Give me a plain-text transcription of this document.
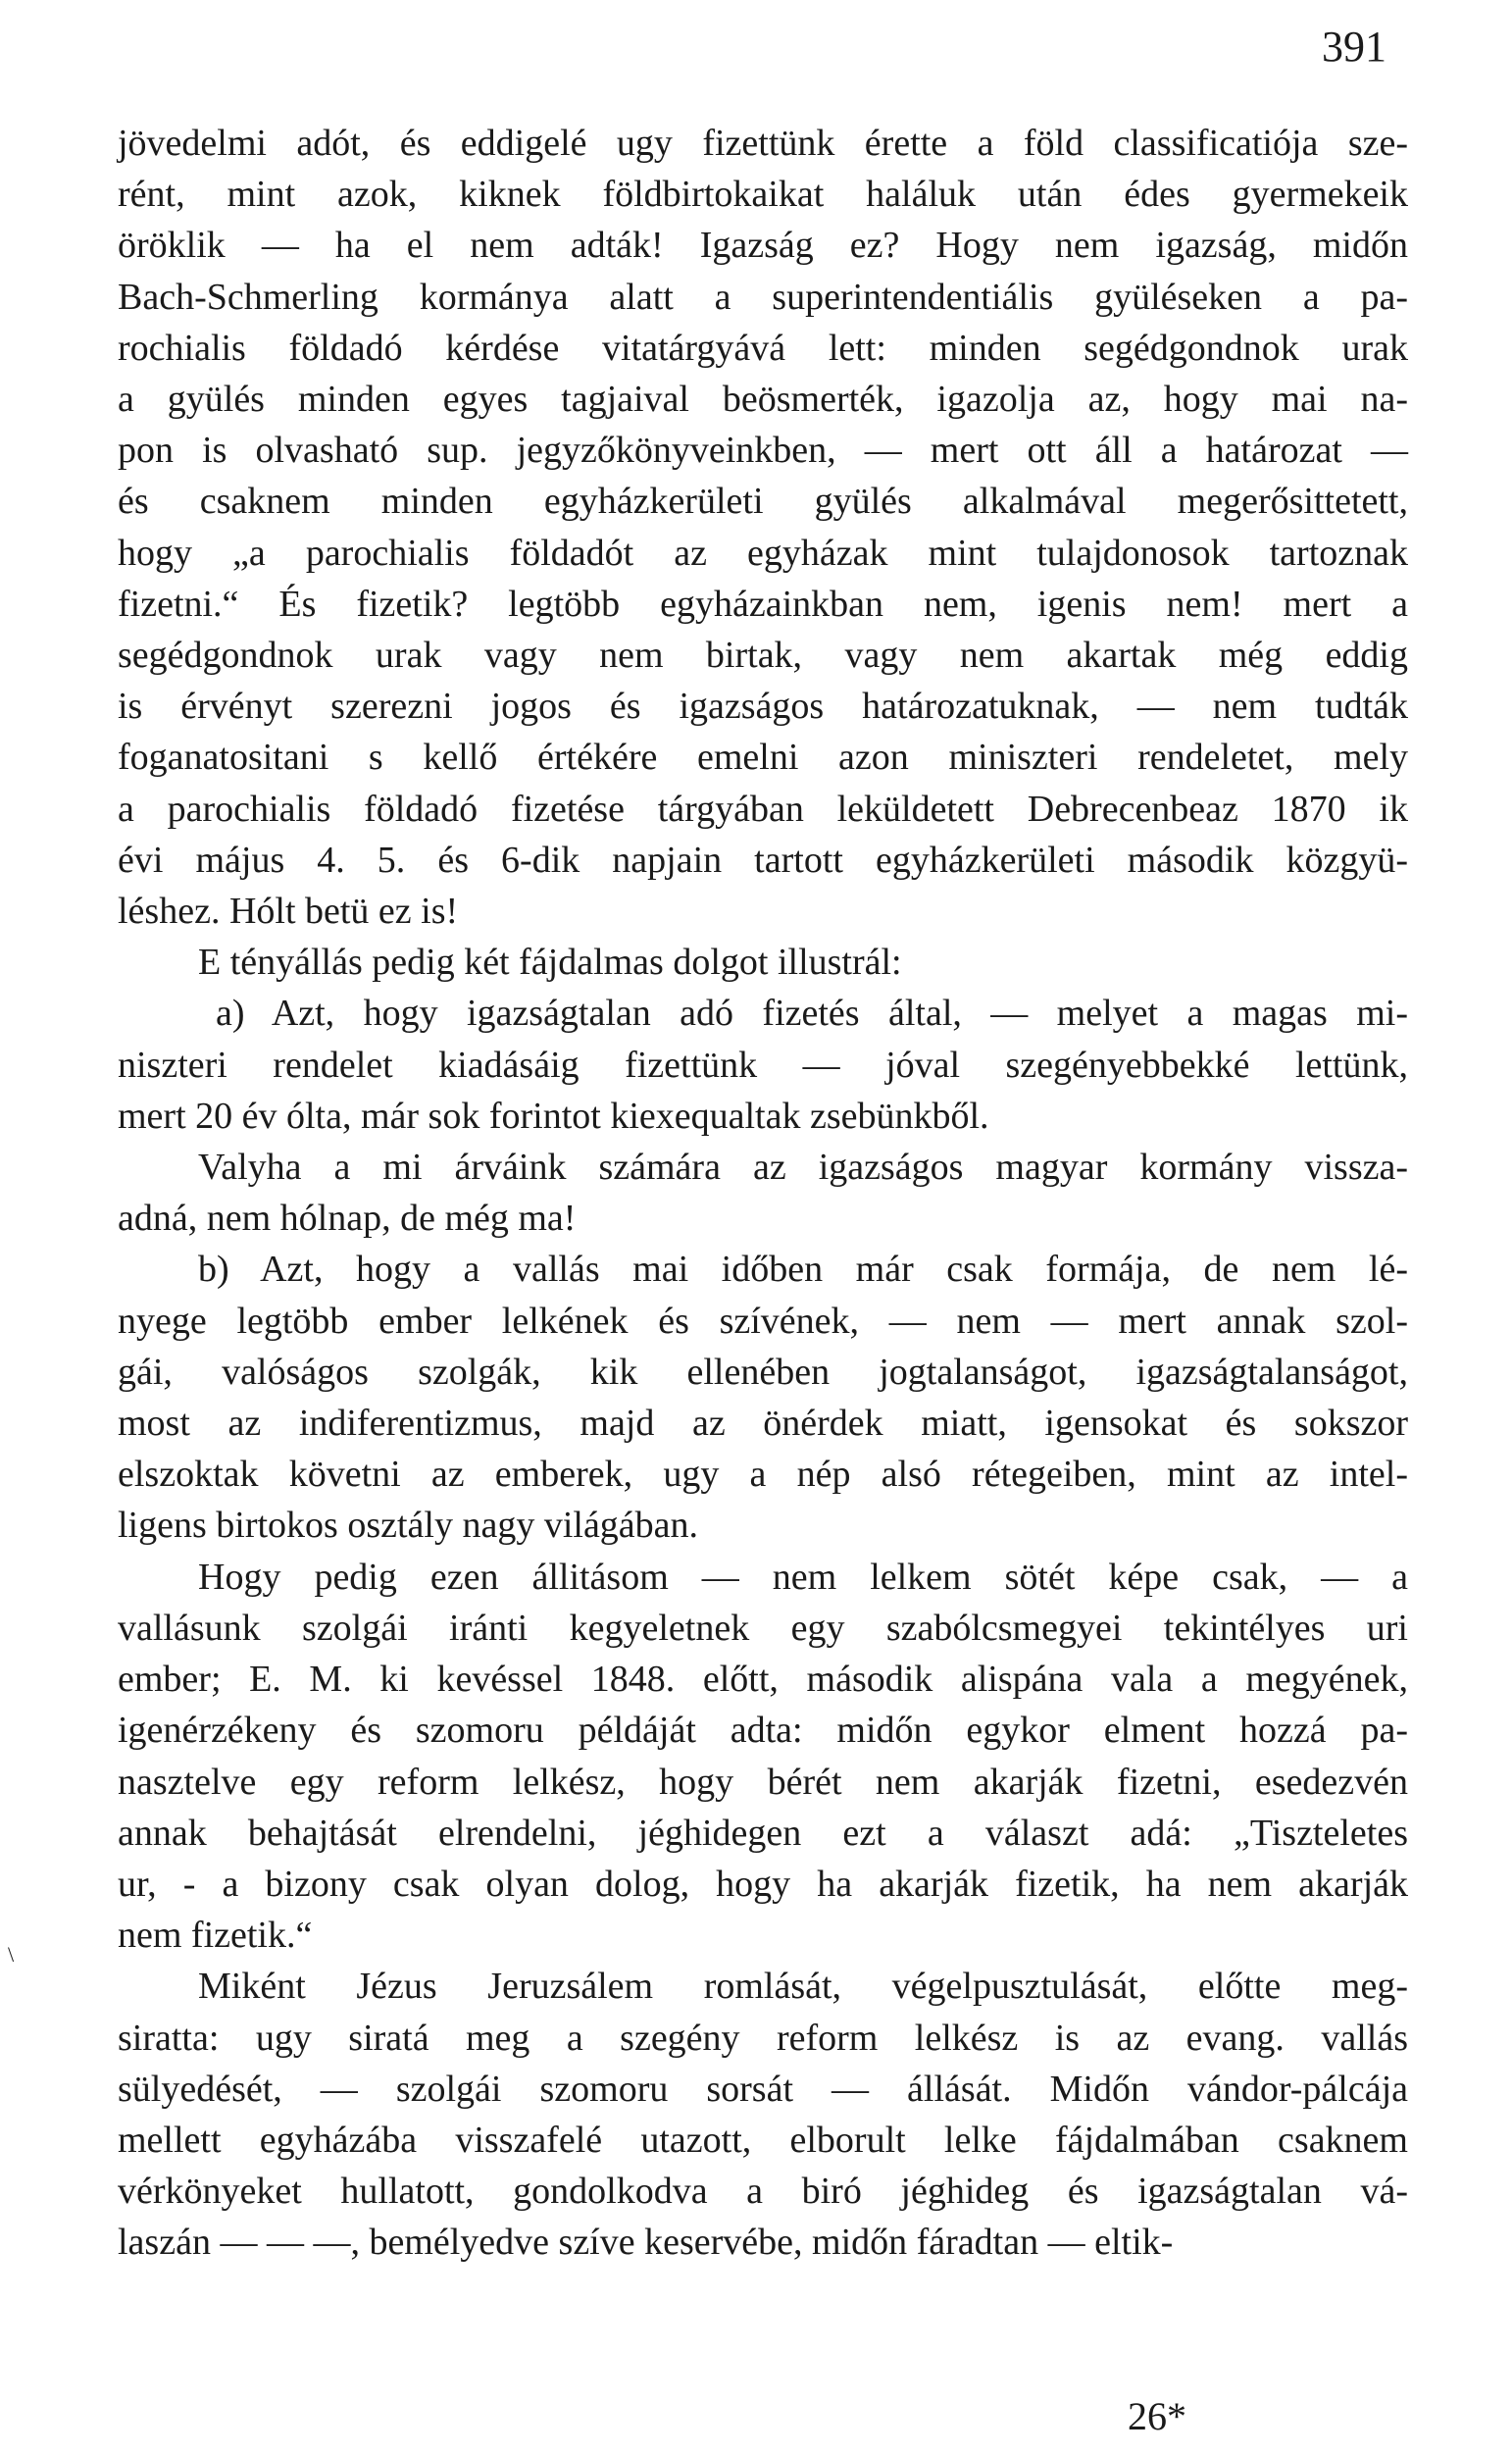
391
\
jövedelmi adót, és eddigelé ugy fizettünk érette a föld classificatiója sze-
rént, mint azok, kiknek földbirtokaikat haláluk után édes gyermekeik
öröklik — ha el nem adták! Igazság ez? Hogy nem igazság, midőn
Bach-Schmerling kormánya alatt a superintendentiális gyüléseken a pa-
rochialis földadó kérdése vitatárgyává lett: minden segédgondnok urak
a gyülés minden egyes tagjaival beösmerték, igazolja az, hogy mai na-
pon is olvasható sup. jegyzőkönyveinkben, — mert ott áll a határozat —
és csaknem minden egyházkerületi gyülés alkalmával megerősittetett,
hogy „a parochialis földadót az egyházak mint tulajdonosok tartoznak
fizetni.“ És fizetik? legtöbb egyházainkban nem, igenis nem! mert a
segédgondnok urak vagy nem birtak, vagy nem akartak még eddig
is érvényt szerezni jogos és igazságos határozatuknak, — nem tudták
foganatositani s kellő értékére emelni azon miniszteri rendeletet, mely
a parochialis földadó fizetése tárgyában leküldetett Debrecenbeaz 1870 ik
évi május 4. 5. és 6-dik napjain tartott egyházkerületi második közgyü-
léshez. Hólt betü ez is!
E tényállás pedig két fájdalmas dolgot illustrál:
a) Azt, hogy igazságtalan adó fizetés által, — melyet a magas mi-
niszteri rendelet kiadásáig fizettünk — jóval szegényebbekké lettünk,
mert 20 év ólta, már sok forintot kiexequaltak zsebünkből.
Valyha a mi árváink számára az igazságos magyar kormány vissza-
adná, nem hólnap, de még ma!
b) Azt, hogy a vallás mai időben már csak formája, de nem lé-
nyege legtöbb ember lelkének és szívének, — nem — mert annak szol-
gái, valóságos szolgák, kik ellenében jogtalanságot, igazságtalanságot,
most az indiferentizmus, majd az önérdek miatt, igensokat és sokszor
elszoktak követni az emberek, ugy a nép alsó rétegeiben, mint az intel-
ligens birtokos osztály nagy világában.
Hogy pedig ezen állitásom — nem lelkem sötét képe csak, — a
vallásunk szolgái iránti kegyeletnek egy szabólcsmegyei tekintélyes uri
ember; E. M. ki kevéssel 1848. előtt, második alispána vala a megyének,
igenérzékeny és szomoru példáját adta: midőn egykor elment hozzá pa-
nasztelve egy reform lelkész, hogy bérét nem akarják fizetni, esedezvén
annak behajtását elrendelni, jéghidegen ezt a választ adá: „Tiszteletes
ur, - a bizony csak olyan dolog, hogy ha akarják fizetik, ha nem akarják
nem fizetik.“
Miként Jézus Jeruzsálem romlását, végelpusztulását, előtte meg-
siratta: ugy siratá meg a szegény reform lelkész is az evang. vallás
sülyedését, — szolgái szomoru sorsát — állását. Midőn vándor-pálcája
mellett egyházába visszafelé utazott, elborult lelke fájdalmában csaknem
vérkönyeket hullatott, gondolkodva a biró jéghideg és igazságtalan vá-
laszán — — —, bemélyedve szíve keservébe, midőn fáradtan — eltik-
26*
